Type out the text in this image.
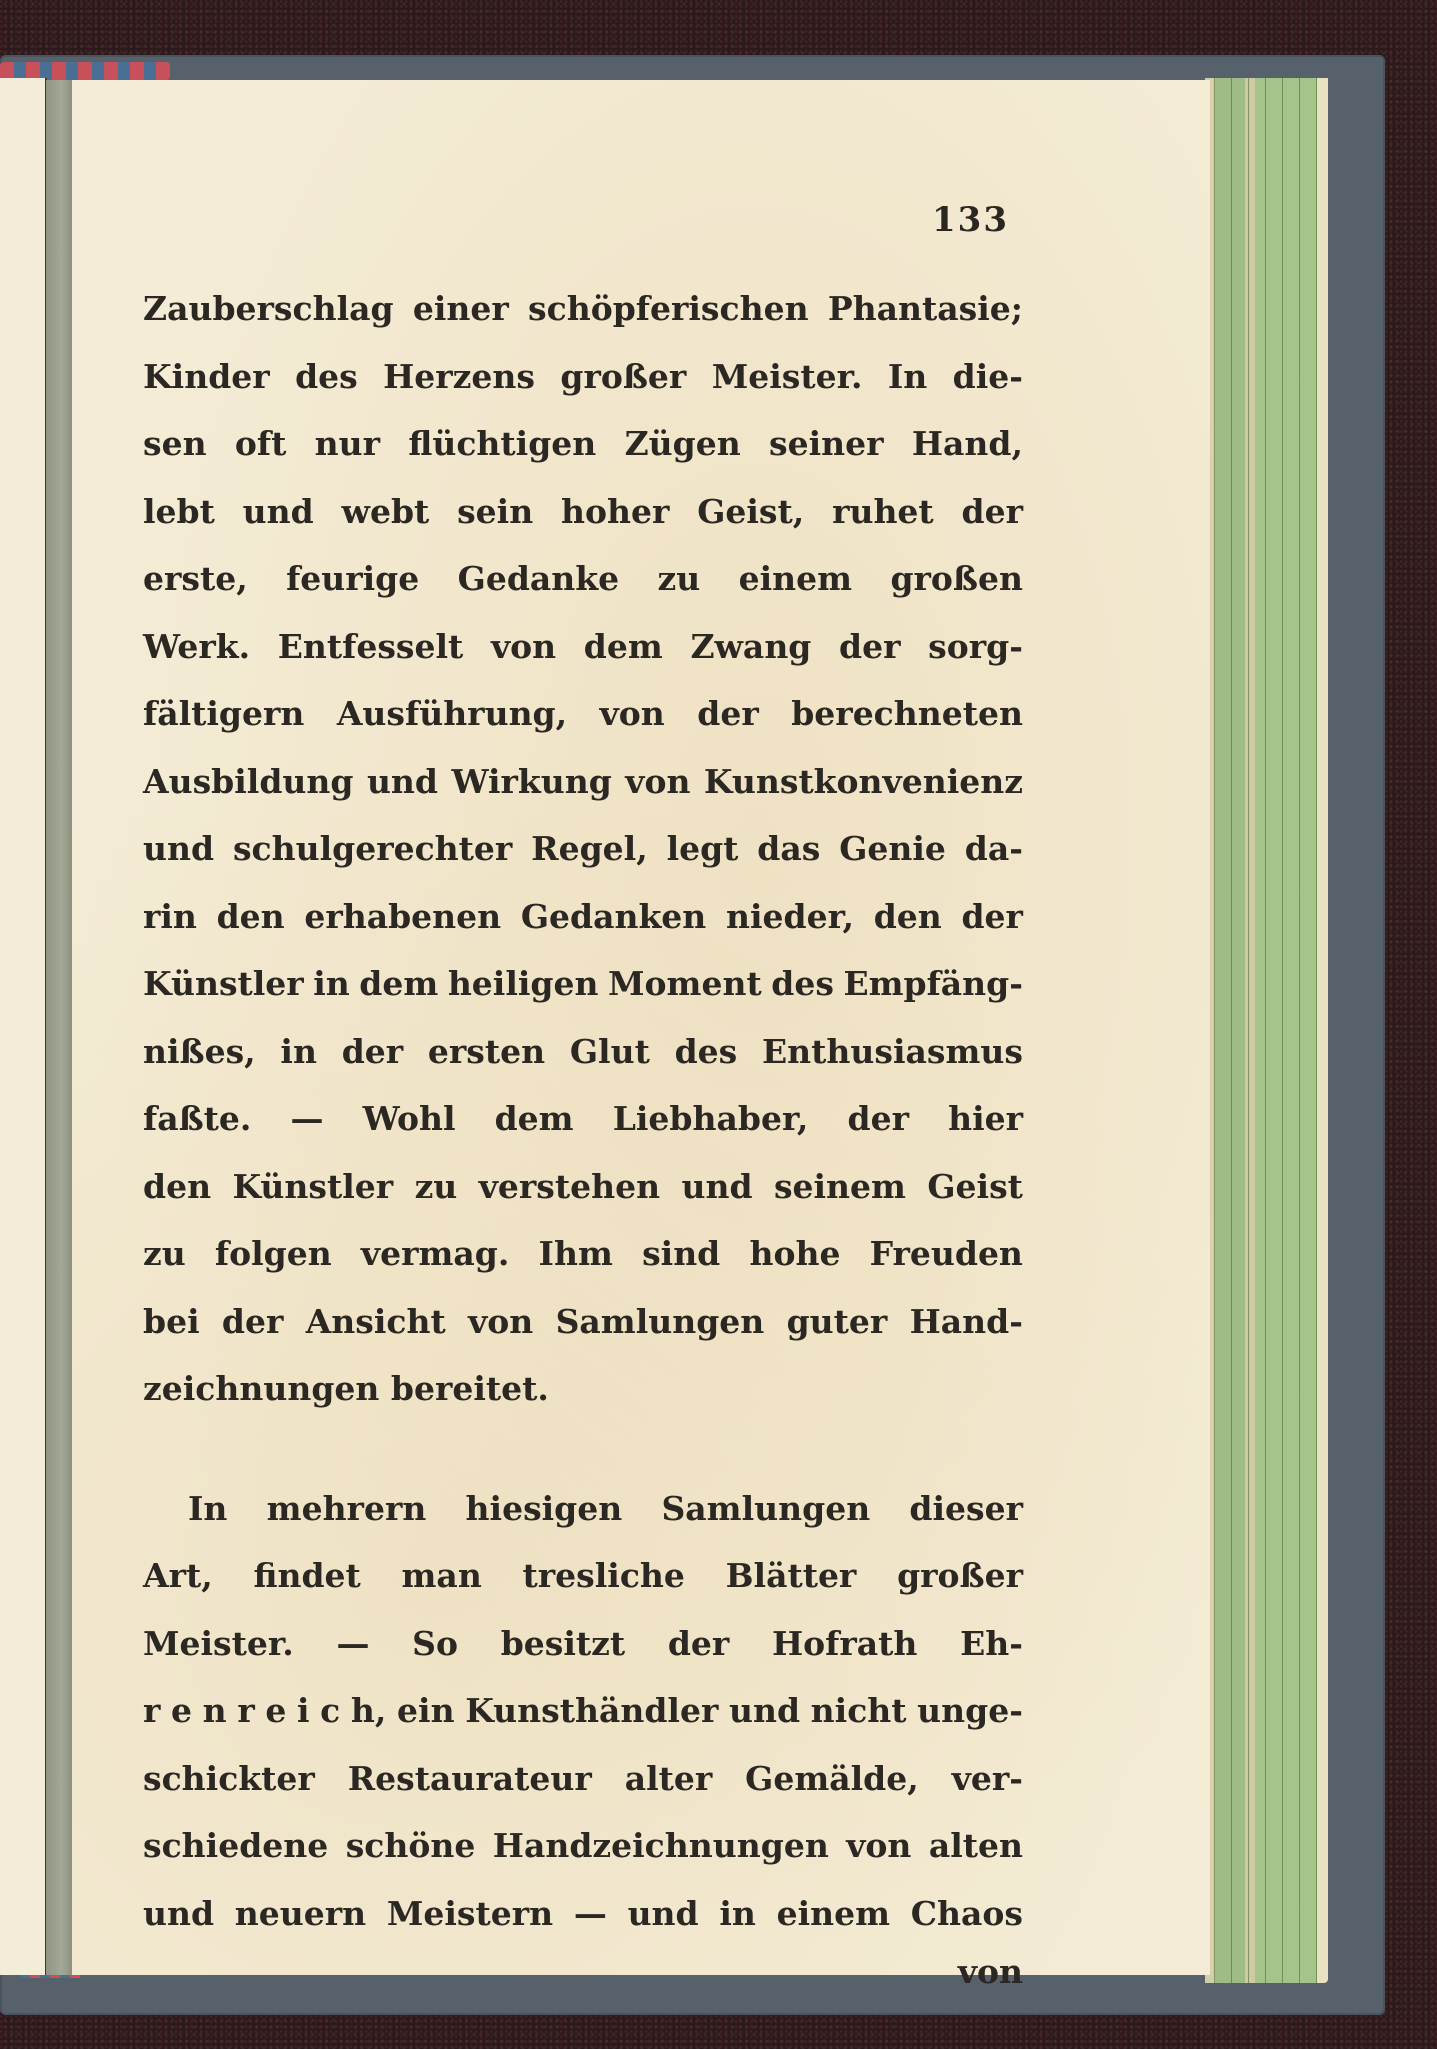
133
Zauberschlag einer schöpferischen Phantasie;
Kinder des Herzens großer Meister. In die-
sen oft nur flüchtigen Zügen seiner Hand,
lebt und webt sein hoher Geist, ruhet der
erste, feurige Gedanke zu einem großen
Werk. Entfesselt von dem Zwang der sorg-
fältigern Ausführung, von der berechneten
Ausbildung und Wirkung von Kunstkonvenienz
und schulgerechter Regel, legt das Genie da-
rin den erhabenen Gedanken nieder, den der
Künstler in dem heiligen Moment des Empfäng-
nißes, in der ersten Glut des Enthusiasmus
faßte. — Wohl dem Liebhaber, der hier
den Künstler zu verstehen und seinem Geist
zu folgen vermag. Ihm sind hohe Freuden
bei der Ansicht von Samlungen guter Hand-
zeichnungen bereitet.
In mehrern hiesigen Samlungen dieser
Art, findet man tresliche Blätter großer
Meister. — So besitzt der Hofrath Eh-
r e n r e i c h, ein Kunsthändler und nicht unge-
schickter Restaurateur alter Gemälde, ver-
schiedene schöne Handzeichnungen von alten
und neuern Meistern — und in einem Chaos
von
